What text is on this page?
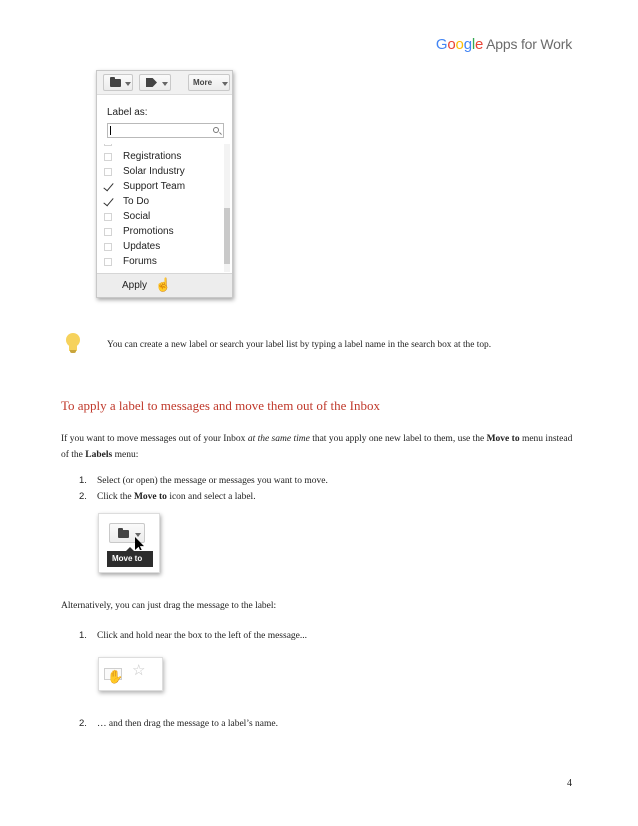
Google Apps for Work
More
Label as:
Registrations
Solar Industry
Support Team
To Do
Social
Promotions
Updates
Forums
Apply ☝
You can create a new label or search your label list by typing a label name in the search box at the top.
To apply a label to messages and move them out of the Inbox
If you want to move messages out of your Inbox at the same time that you apply one new label to them, use the Move to menu instead of the Labels menu:
1. Select (or open) the message or messages you want to move.
2. Click the Move to icon and select a label.
Move to
Alternatively, you can just drag the message to the label:
1. Click and hold near the box to the left of the message...
✋ ☆
2. … and then drag the message to a label’s name.
4
